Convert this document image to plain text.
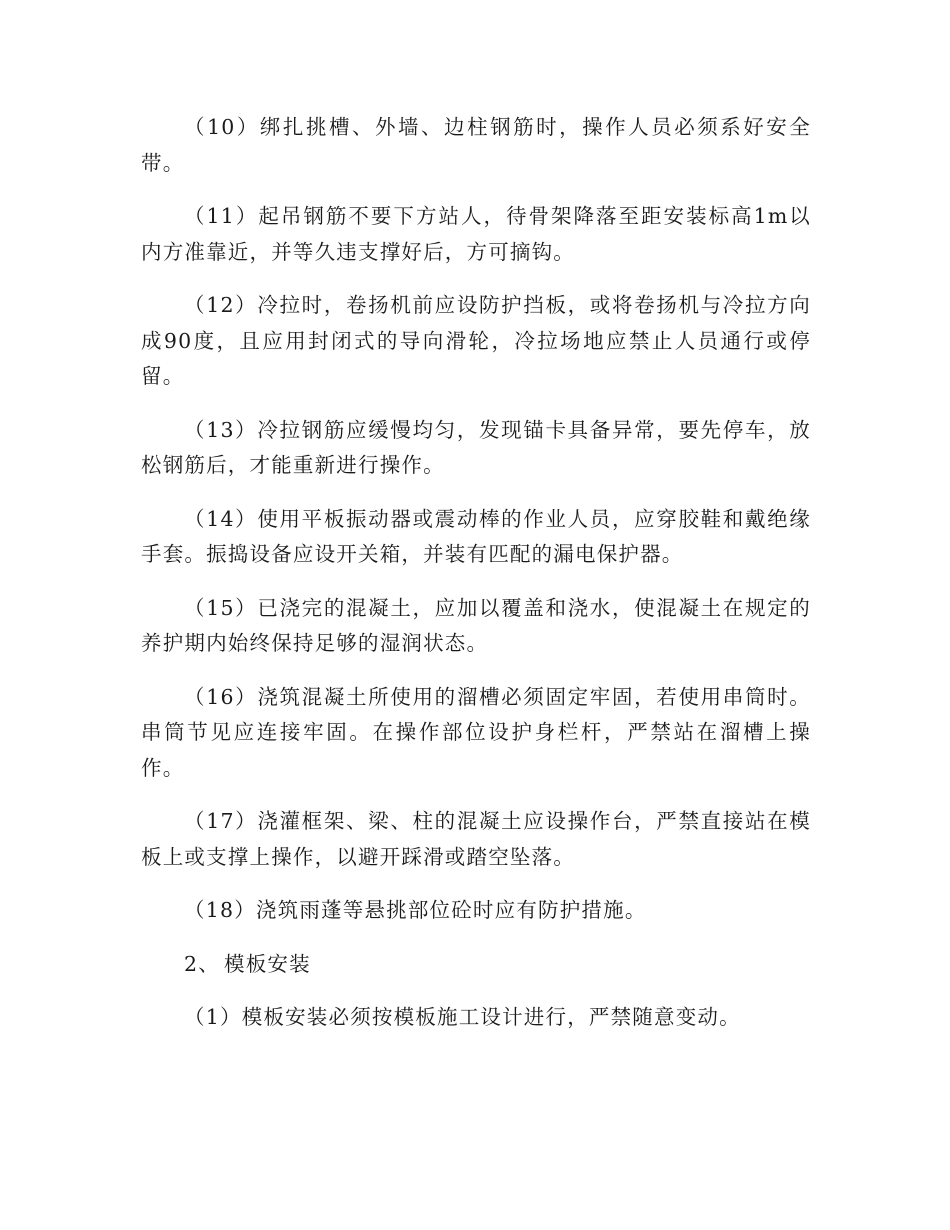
（10）绑扎挑槽、外墙、边柱钢筋时，操作人员必须系好安全带。

（11）起吊钢筋不要下方站人，待骨架降落至距安装标高1m以内方准靠近，并等久违支撑好后，方可摘钩。

（12）冷拉时，卷扬机前应设防护挡板，或将卷扬机与冷拉方向成90度，且应用封闭式的导向滑轮，冷拉场地应禁止人员通行或停留。

（13）冷拉钢筋应缓慢均匀，发现锚卡具备异常，要先停车，放松钢筋后，才能重新进行操作。

（14）使用平板振动器或震动棒的作业人员，应穿胶鞋和戴绝缘手套。振捣设备应设开关箱，并装有匹配的漏电保护器。

（15）已浇完的混凝土，应加以覆盖和浇水，使混凝土在规定的养护期内始终保持足够的湿润状态。

（16）浇筑混凝土所使用的溜槽必须固定牢固，若使用串筒时。串筒节见应连接牢固。在操作部位设护身栏杆，严禁站在溜槽上操作。

（17）浇灌框架、梁、柱的混凝土应设操作台，严禁直接站在模板上或支撑上操作，以避开踩滑或踏空坠落。

（18）浇筑雨蓬等悬挑部位砼时应有防护措施。

2、 模板安装

（1）模板安装必须按模板施工设计进行，严禁随意变动。
